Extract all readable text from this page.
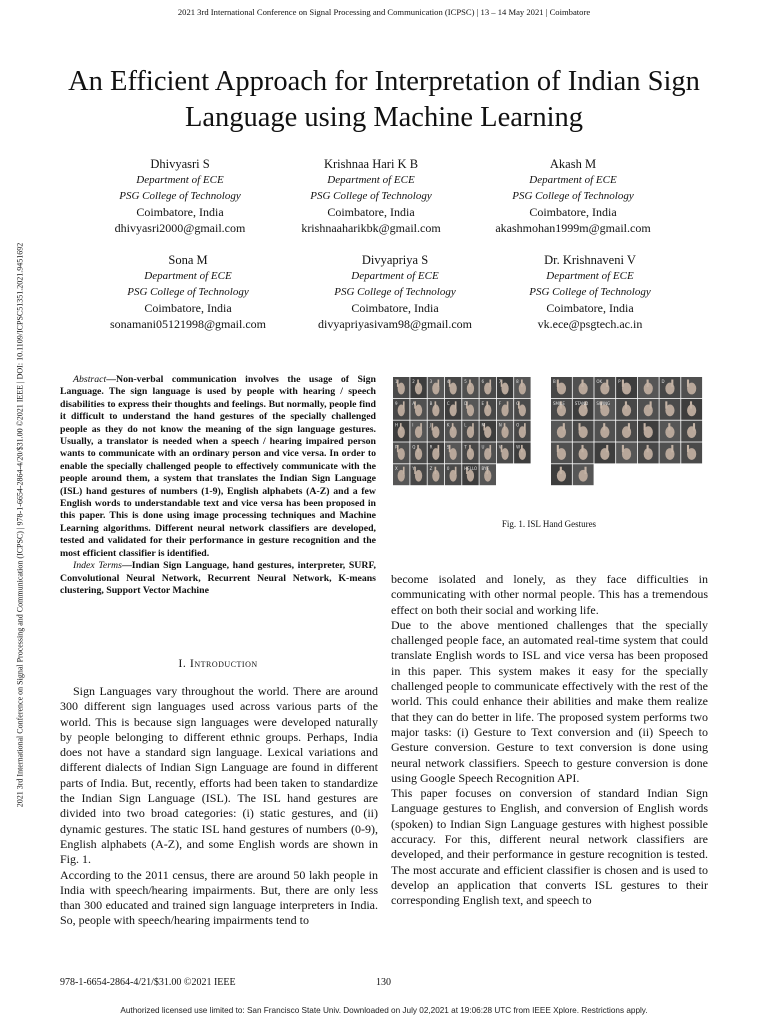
2021 3rd International Conference on Signal Processing and Communication (ICPSC) | 13 – 14 May 2021 | Coimbatore
2021 3rd International Conference on Signal Processing and Communication (ICPSC) | 978-1-6654-2864-4/20/$31.00 ©2021 IEEE | DOI: 10.1109/ICPSC51351.2021.9451692
An Efficient Approach for Interpretation of Indian Sign Language using Machine Learning
Dhivyasri S
Department of ECE
PSG College of Technology
Coimbatore, India
dhivyasri2000@gmail.com
Krishnaa Hari K B
Department of ECE
PSG College of Technology
Coimbatore, India
krishnaaharikbk@gmail.com
Akash M
Department of ECE
PSG College of Technology
Coimbatore, India
akashmohan1999m@gmail.com
Sona M
Department of ECE
PSG College of Technology
Coimbatore, India
sonamani05121998@gmail.com
Divyapriya S
Department of ECE
PSG College of Technology
Coimbatore, India
divyapriyasivam98@gmail.com
Dr. Krishnaveni V
Department of ECE
PSG College of Technology
Coimbatore, India
vk.ece@psgtech.ac.in

Abstract—Non-verbal communication involves the usage of Sign Language. The sign language is used by people with hearing / speech disabilities to express their thoughts and feelings. But normally, people find it difficult to understand the hand gestures of the specially challenged people as they do not know the meaning of the sign language gestures. Usually, a translator is needed when a speech / hearing impaired person wants to communicate with an ordinary person and vice versa. In order to enable the specially challenged people to effectively communicate with the people around them, a system that translates the Indian Sign Language (ISL) hand gestures of numbers (1-9), English alphabets (A-Z) and a few English words to understandable text and vice versa has been proposed in this paper. This is done using image processing techniques and Machine Learning algorithms. Different neural network classifiers are developed, tested and validated for their performance in gesture recognition and the most efficient classifier is identified.

Index Terms—Indian Sign Language, hand gestures, interpreter, SURF, Convolutional Neural Network, Recurrent Neural Network, K-means clustering, Support Vector Machine

I. Introduction

Sign Languages vary throughout the world. There are around 300 different sign languages used across various parts of the world. This is because sign languages were developed naturally by people belonging to different ethnic groups. Perhaps, India does not have a standard sign language. Lexical variations and different dialects of Indian Sign Language are found in different parts of India. But, recently, efforts had been taken to standardize the Indian Sign Language (ISL). The ISL hand gestures are divided into two broad categories: (i) static gestures, and (ii) dynamic gestures. The static ISL hand gestures of numbers (0-9), English alphabets (A-Z), and some English words are shown in Fig. 1.

According to the 2011 census, there are around 50 lakh people in India with speech/hearing impairments. But, there are only less than 300 educated and trained sign language interpreters in India. So, people with speech/hearing impairments tend to

1	2	3	4	5	6	7	8
9	A	B	C	D	E	F	G
H	I	J	K	L	M	N	O
P	Q	R	S	T	U	V	W
X	Y	Z	0	HELLO BYE
B	OK	P	D
SMILE STAND SWING
Fig. 1. ISL Hand Gestures

become isolated and lonely, as they face difficulties in communicating with other normal people. This has a tremendous effect on both their social and working life.

Due to the above mentioned challenges that the specially challenged people face, an automated real-time system that could translate English words to ISL and vice versa has been proposed in this paper. This system makes it easy for the specially challenged people to communicate effectively with the rest of the world. This could enhance their abilities and make them realize that they can do better in life. The proposed system performs two major tasks: (i) Gesture to Text conversion and (ii) Speech to Gesture conversion. Gesture to text conversion is done using neural network classifiers. Speech to gesture conversion is done using Google Speech Recognition API.

This paper focuses on conversion of standard Indian Sign Language gestures to English, and conversion of English words (spoken) to Indian Sign Language gestures with highest possible accuracy. For this, different neural network classifiers are developed, and their performance in gesture recognition is tested. The most accurate and efficient classifier is chosen and is used to develop an application that converts ISL gestures to their corresponding English text, and speech to

978-1-6654-2864-4/21/$31.00 ©2021 IEEE	130
Authorized licensed use limited to: San Francisco State Univ. Downloaded on July 02,2021 at 19:06:28 UTC from IEEE Xplore. Restrictions apply.
